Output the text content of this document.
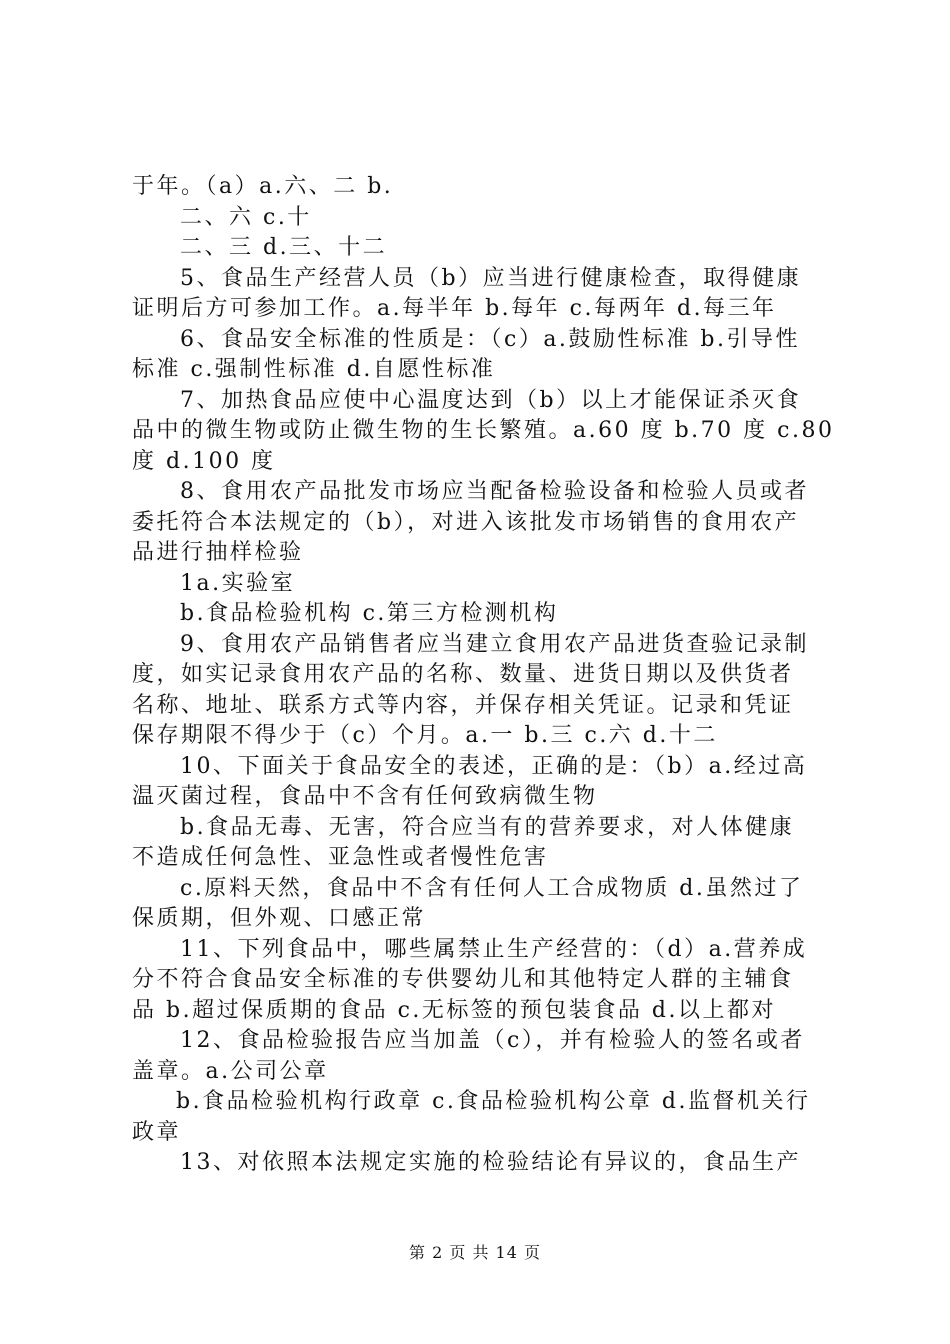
于年。（a）a.六、二 b.
二、六 c.十
二、三 d.三、十二
5、食品生产经营人员（b）应当进行健康检查，取得健康
证明后方可参加工作。a.每半年 b.每年 c.每两年 d.每三年
6、食品安全标准的性质是：（c）a.鼓励性标准 b.引导性
标准 c.强制性标准 d.自愿性标准
7、加热食品应使中心温度达到（b）以上才能保证杀灭食
品中的微生物或防止微生物的生长繁殖。a.60 度 b.70 度 c.80
度 d.100 度
8、食用农产品批发市场应当配备检验设备和检验人员或者
委托符合本法规定的（b），对进入该批发市场销售的食用农产
品进行抽样检验
1a.实验室
b.食品检验机构 c.第三方检测机构
9、食用农产品销售者应当建立食用农产品进货查验记录制
度，如实记录食用农产品的名称、数量、进货日期以及供货者
名称、地址、联系方式等内容，并保存相关凭证。记录和凭证
保存期限不得少于（c）个月。a.一 b.三 c.六 d.十二
10、下面关于食品安全的表述，正确的是：（b）a.经过高
温灭菌过程，食品中不含有任何致病微生物
b.食品无毒、无害，符合应当有的营养要求，对人体健康
不造成任何急性、亚急性或者慢性危害
c.原料天然，食品中不含有任何人工合成物质 d.虽然过了
保质期，但外观、口感正常
11、下列食品中，哪些属禁止生产经营的：（d）a.营养成
分不符合食品安全标准的专供婴幼儿和其他特定人群的主辅食
品 b.超过保质期的食品 c.无标签的预包装食品 d.以上都对
12、食品检验报告应当加盖（c），并有检验人的签名或者
盖章。a.公司公章
b.食品检验机构行政章 c.食品检验机构公章 d.监督机关行
政章
13、对依照本法规定实施的检验结论有异议的，食品生产
第 2 页 共 14 页
